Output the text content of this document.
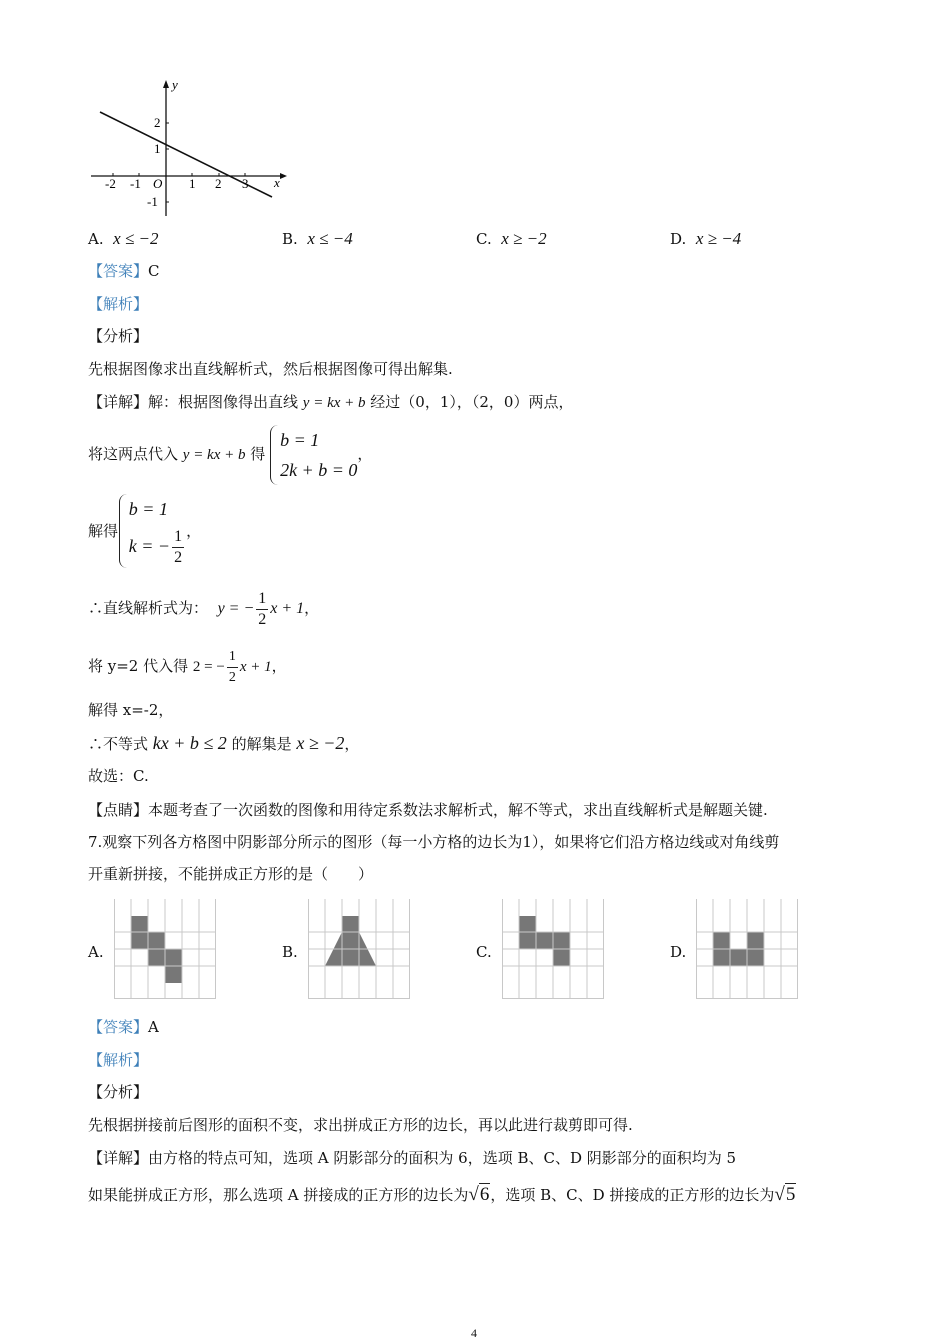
y
x
O
-2 -1	1 2 3
2
1
-1
A. x ≤ −2	B. x ≤ −4	C. x ≥ −2	D. x ≥ −4
【答案】C
【解析】
【分析】
先根据图像求出直线解析式，然后根据图像可得出解集.
【详解】解：根据图像得出直线 y = kx + b 经过（0，1），（2，0）两点，
将这两点代入 y = kx + b 得
b = 1
2k + b = 0
，
解得
b = 1
k = − $\frac{1}{2}$ ，
∴直线解析式为： y = − $\frac{1}{2}$ x + 1，
将 y=2 代入得 2 = − $\frac{1}{2}$ x + 1，
解得 x=-2，
∴不等式 kx + b ≤ 2 的解集是 x ≥ −2，
故选：C.
【点睛】本题考查了一次函数的图像和用待定系数法求解析式，解不等式，求出直线解析式是解题关键.
7.观察下列各方格图中阴影部分所示的图形（每一小方格的边长为1），如果将它们沿方格边线或对角线剪
开重新拼接，不能拼成正方形的是（　　）
A.	B.	C.	D.
【答案】A
【解析】
【分析】
先根据拼接前后图形的面积不变，求出拼成正方形的边长，再以此进行裁剪即可得.
【详解】由方格的特点可知，选项 A 阴影部分的面积为 6，选项 B、C、D 阴影部分的面积均为 5
如果能拼成正方形，那么选项 A 拼接成的正方形的边长为√6，选项 B、C、D 拼接成的正方形的边长为√5
4
